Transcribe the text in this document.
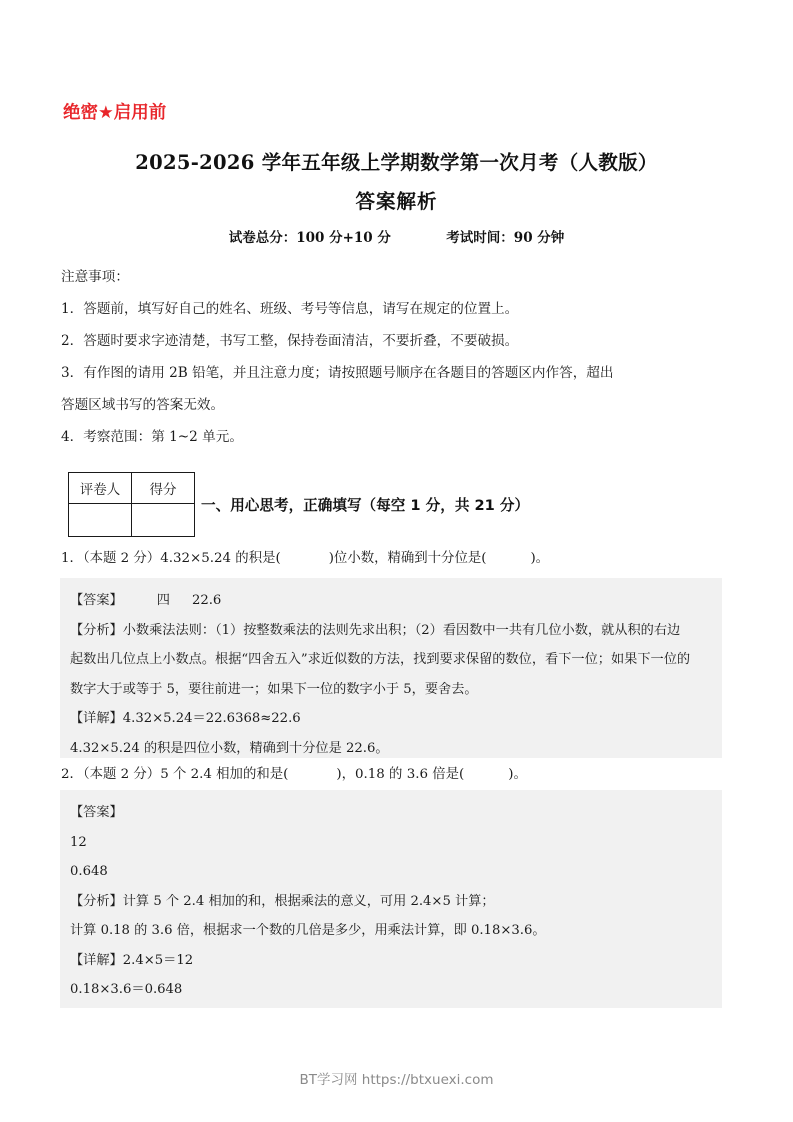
绝密★启用前
2025-2026 学年五年级上学期数学第一次月考（人教版）
答案解析
试卷总分：100 分+10 分	考试时间：90 分钟
注意事项：
1．答题前，填写好自己的姓名、班级、考号等信息，请写在规定的位置上。
2．答题时要求字迹清楚，书写工整，保持卷面清洁，不要折叠，不要破损。
3．有作图的请用 2B 铅笔，并且注意力度；请按照题号顺序在各题目的答题区内作答，超出
答题区域书写的答案无效。
4．考察范围：第 1~2 单元。
评卷人	得分

一、用心思考，正确填写（每空 1 分，共 21 分）
1．（本题 2 分）4.32×5.24 的积是(	)位小数，精确到十分位是(	)。
【答案】	四 22.6
【分析】小数乘法法则：（1）按整数乘法的法则先求出积；（2）看因数中一共有几位小数，就从积的右边
起数出几位点上小数点。根据“四舍五入”求近似数的方法，找到要求保留的数位，看下一位；如果下一位的
数字大于或等于 5，要往前进一；如果下一位的数字小于 5，要舍去。
【详解】4.32×5.24＝22.6368≈22.6
4.32×5.24 的积是四位小数，精确到十分位是 22.6。
2．（本题 2 分）5 个 2.4 相加的和是(	)，0.18 的 3.6 倍是(	)。
【答案】
12
0.648
【分析】计算 5 个 2.4 相加的和，根据乘法的意义，可用 2.4×5 计算；
计算 0.18 的 3.6 倍，根据求一个数的几倍是多少，用乘法计算，即 0.18×3.6。
【详解】2.4×5＝12
0.18×3.6＝0.648
BT学习网 https://btxuexi.com
